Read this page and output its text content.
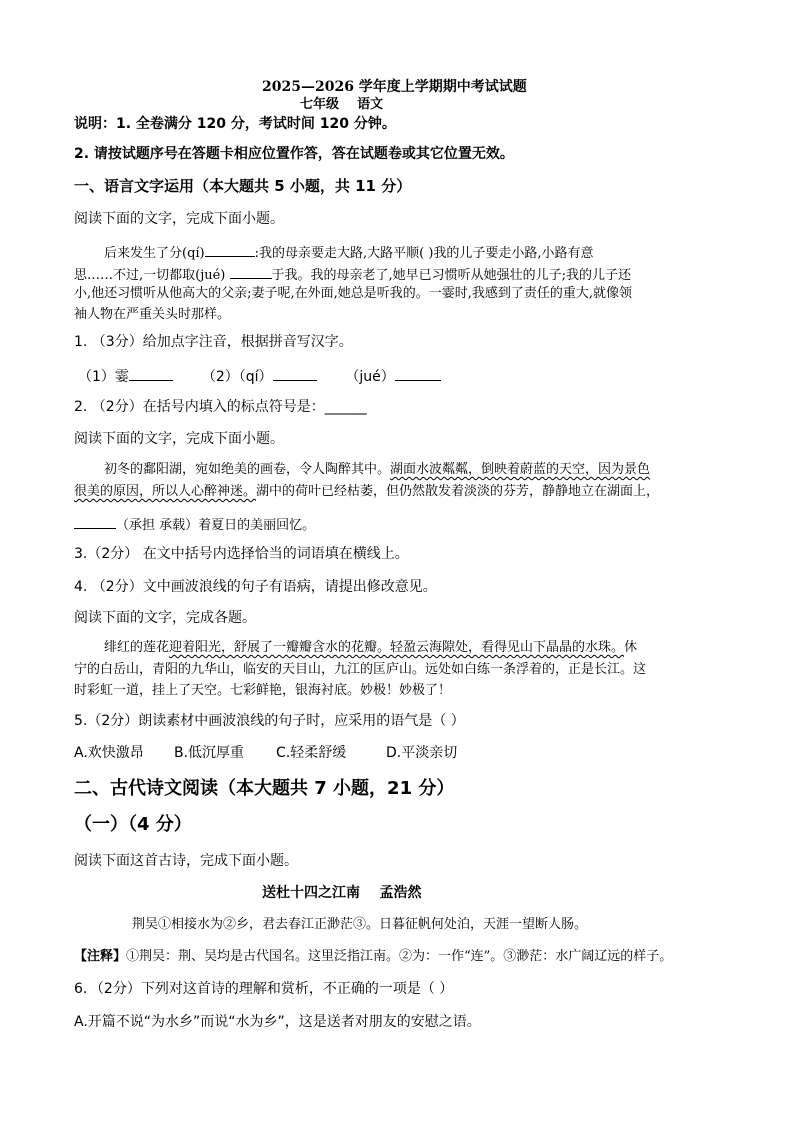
2025—2026 学年度上学期期中考试试题
七年级    语文
说明：1. 全卷满分 120 分，考试时间 120 分钟。
2. 请按试题序号在答题卡相应位置作答，答在试题卷或其它位置无效。
一、语言文字运用（本大题共 5 小题，共 11 分）
阅读下面的文字，完成下面小题。
后来发生了分(qí)	:我的母亲要走大路,大路平顺( )我的儿子要走小路,小路有意
思……不过,一切都取(jué)	于我。我的母亲老了,她早已习惯听从她强壮的儿子;我的儿子还
小,他还习惯听从他高大的父亲;妻子呢,在外面,她总是听我的。一霎时,我感到了责任的重大,就像领
袖人物在严重关头时那样。
1. （3分）给加点字注音，根据拼音写汉字。
（1）霎	（2）（qí）	（jué）
2. （2分）在括号内填入的标点符号是：______
阅读下面的文字，完成下面小题。
初冬的鄱阳湖，宛如绝美的画卷，令人陶醉其中。湖面水波粼粼，倒映着蔚蓝的天空，因为景色
很美的原因，所以人心醉神迷。湖中的荷叶已经枯萎，但仍然散发着淡淡的芬芳，静静地立在湖面上，
（承担 承载）着夏日的美丽回忆。
3.（2分） 在文中括号内选择恰当的词语填在横线上。
4. （2分）文中画波浪线的句子有语病，请提出修改意见。
阅读下面的文字，完成各题。
绯红的莲花迎着阳光，舒展了一瓣瓣含水的花瓣。轻盈云海隙处，看得见山下晶晶的水珠。休
宁的白岳山，青阳的九华山，临安的天目山，九江的匡庐山。远处如白练一条浮着的，正是长江。这
时彩虹一道，挂上了天空。七彩鲜艳，银海衬底。妙极！妙极了！
5.（2分）朗读素材中画波浪线的句子时，应采用的语气是（ ）
A.欢快激昂 B.低沉厚重 C.轻柔舒缓	D.平淡亲切
二、古代诗文阅读（本大题共 7 小题，21 分）
（一）（4 分）
阅读下面这首古诗，完成下面小题。
送杜十四之江南    孟浩然
荆吴①相接水为②乡，君去春江正渺茫③。日暮征帆何处泊，天涯一望断人肠。
【注释】①荆吴：荆、吴均是古代国名。这里泛指江南。②为：一作“连”。③渺茫：水广阔辽远的样子。
6．（2分）下列对这首诗的理解和赏析，不正确的一项是（ ）
A.开篇不说“为水乡”而说“水为乡”，这是送者对朋友的安慰之语。
